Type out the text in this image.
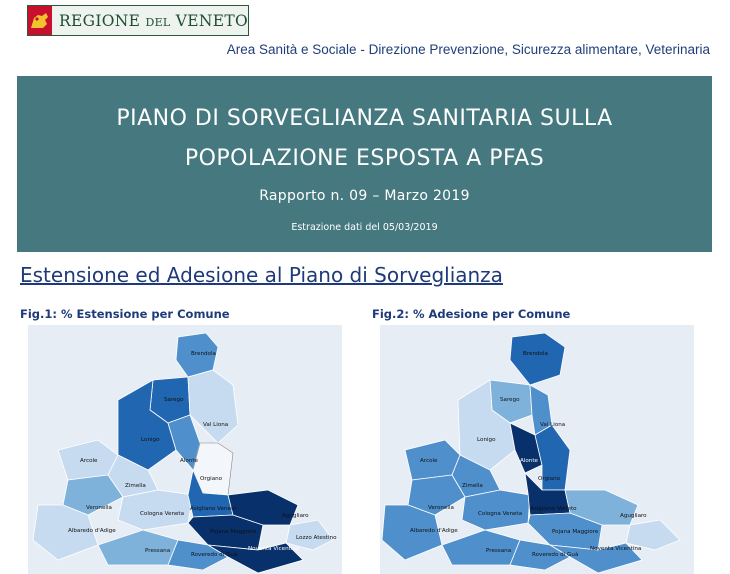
REGIONE DEL VENETO
Area Sanità e Sociale - Direzione Prevenzione, Sicurezza alimentare, Veterinaria
PIANO DI SORVEGLIANZA SANITARIA SULLA
POPOLAZIONE ESPOSTA A PFAS
Rapporto n. 09 – Marzo 2019
Estrazione dati del 05/03/2019
Estensione ed Adesione al Piano di Sorveglianza
Fig.1: % Estensione per Comune	Fig.2: % Adesione per Comune
Brendola
Sarego
Val Liona
Lonigo
Alonte
Orgiano
Arcole
Zimella
Veronella
Cologna Veneta
Asigliano Veneto
Albaredo d'Adige	Pojana Maggiore
Agugliaro
Lozzo Atestino
Pressana
Roveredo di Guà
Noventa Vicentina
Brendola
Sarego
Val Liona
Lonigo
Alonte
Orgiano
Arcole
Zimella
Veronella
Cologna Veneta
Asigliano Veneto
Albaredo d'Adige	Pojana Maggiore
Agugliaro
Pressana
Roveredo di Guà
Noventa Vicentina
